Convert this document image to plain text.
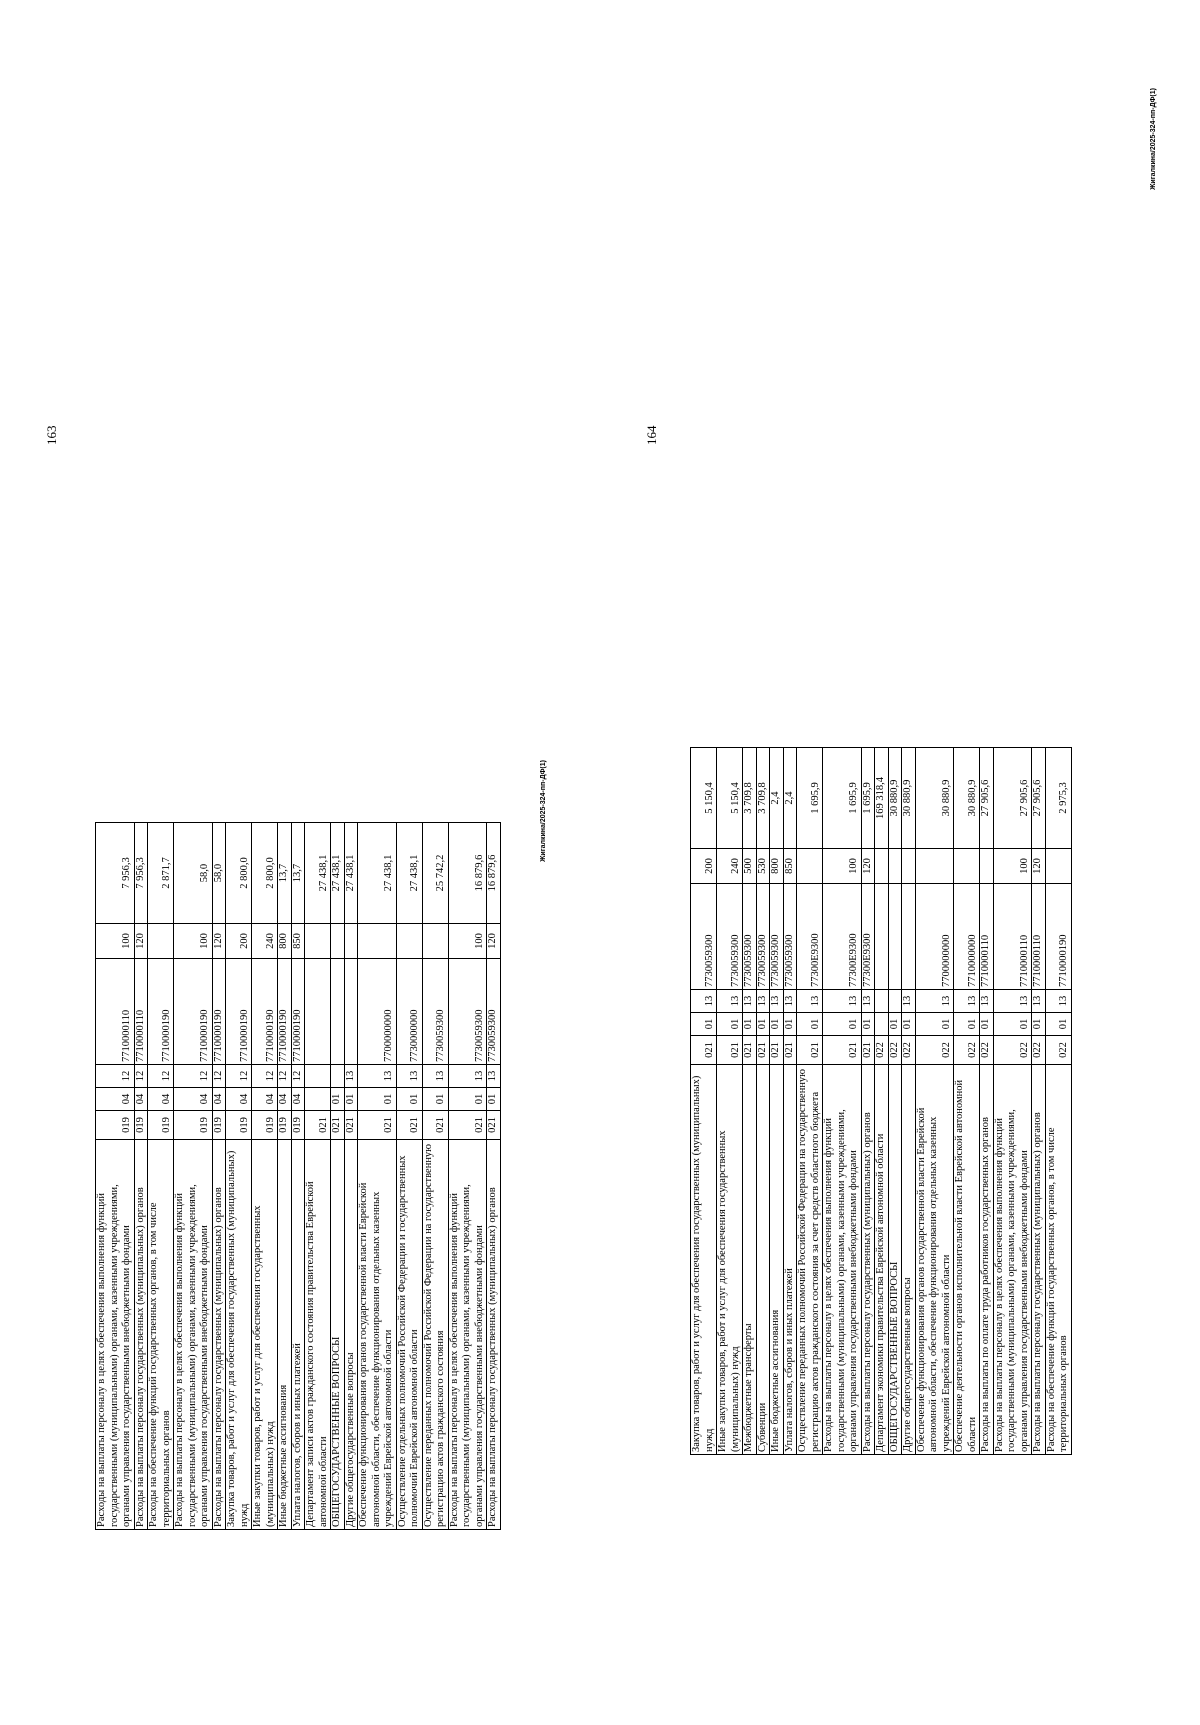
163
Расходы на выплаты персоналу в целях обеспечения выполнения функций государственными (муниципальными) органами, казенными учреждениями, органами управления государственными внебюджетными фондами	019	04	12	7710000110	100	7 956,3
Расходы на выплаты персоналу государственных (муниципальных) органов	019	04	12	7710000110	120	7 956,3
Расходы на обеспечение функций государственных органов, в том числе территориальных органов	019	04	12	7710000190		2 871,7
Расходы на выплаты персоналу в целях обеспечения выполнения функций государственными (муниципальными) органами, казенными учреждениями, органами управления государственными внебюджетными фондами	019	04	12	7710000190	100	58,0
Расходы на выплаты персоналу государственных (муниципальных) органов	019	04	12	7710000190	120	58,0
Закупка товаров, работ и услуг для обеспечения государственных (муниципальных) нужд	019	04	12	7710000190	200	2 800,0
Иные закупки товаров, работ и услуг для обеспечения государственных (муниципальных) нужд	019	04	12	7710000190	240	2 800,0
Иные бюджетные ассигнования	019	04	12	7710000190	800	13,7
Уплата налогов, сборов и иных платежей	019	04	12	7710000190	850	13,7
Департамент записи актов гражданского состояния правительства Еврейской автономной области	021					27 438,1
ОБЩЕГОСУДАРСТВЕННЫЕ ВОПРОСЫ	021	01				27 438,1
Другие общегосударственные вопросы	021	01	13			27 438,1
Обеспечение функционирования органов государственной власти Еврейской автономной области, обеспечение функционирования отдельных казенных учреждений Еврейской автономной области	021	01	13	7700000000		27 438,1
Осуществление отдельных полномочий Российской Федерации и государственных полномочий Еврейской автономной области	021	01	13	7730000000		27 438,1
Осуществление переданных полномочий Российской Федерации на государственную регистрацию актов гражданского состояния	021	01	13	7730059300		25 742,2
Расходы на выплаты персоналу в целях обеспечения выполнения функций государственными (муниципальными) органами, казенными учреждениями, органами управления государственными внебюджетными фондами	021	01	13	7730059300	100	16 879,6
Расходы на выплаты персоналу государственных (муниципальных) органов	021	01	13	7730059300	120	16 879,6
Жигалкина/2025-324-пп-ДФ(1)
164
Закупка товаров, работ и услуг для обеспечения государственных (муниципальных) нужд	021	01	13	7730059300	200	5 150,4
Иные закупки товаров, работ и услуг для обеспечения государственных (муниципальных) нужд	021	01	13	7730059300	240	5 150,4
Межбюджетные трансферты	021	01	13	7730059300	500	3 709,8
Субвенции	021	01	13	7730059300	530	3 709,8
Иные бюджетные ассигнования	021	01	13	7730059300	800	2,4
Уплата налогов, сборов и иных платежей	021	01	13	7730059300	850	2,4
Осуществление переданных полномочий Российской Федерации на государственную регистрацию актов гражданского состояния за счет средств областного бюджета	021	01	13	77300Е9300		1 695,9
Расходы на выплаты персоналу в целях обеспечения выполнения функций государственными (муниципальными) органами, казенными учреждениями, органами управления государственными внебюджетными фондами	021	01	13	77300Е9300	100	1 695,9
Расходы на выплаты персоналу государственных (муниципальных) органов	021	01	13	77300Е9300	120	1 695,9
Департамент экономики правительства Еврейской автономной области	022					169 318,4
ОБЩЕГОСУДАРСТВЕННЫЕ ВОПРОСЫ	022	01				30 880,9
Другие общегосударственные вопросы	022	01	13			30 880,9
Обеспечение функционирования органов государственной власти Еврейской автономной области, обеспечение функционирования отдельных казенных учреждений Еврейской автономной области	022	01	13	7700000000		30 880,9
Обеспечение деятельности органов исполнительной власти Еврейской автономной области	022	01	13	7710000000		30 880,9
Расходы на выплаты по оплате труда работников государственных органов	022	01	13	7710000110		27 905,6
Расходы на выплаты персоналу в целях обеспечения выполнения функций государственными (муниципальными) органами, казенными учреждениями, органами управления государственными внебюджетными фондами	022	01	13	7710000110	100	27 905,6
Расходы на выплаты персоналу государственных (муниципальных) органов	022	01	13	7710000110	120	27 905,6
Расходы на обеспечение функций государственных органов, в том числе территориальных органов	022	01	13	7710000190		2 975,3
Жигалкина/2025-324-пп-ДФ(1)
